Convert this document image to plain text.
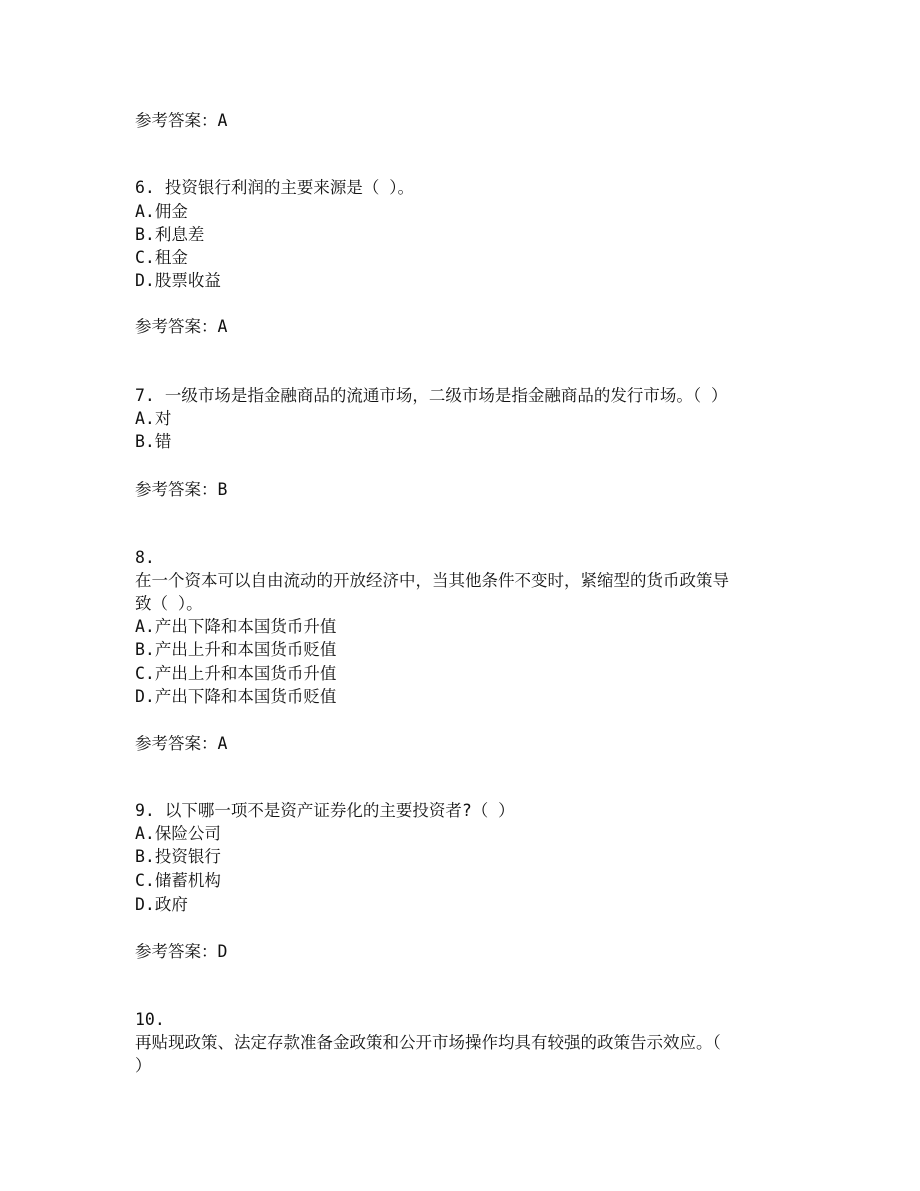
参考答案：A
6. 投资银行利润的主要来源是（ ）。
A.佣金
B.利息差
C.租金
D.股票收益
参考答案：A
7. 一级市场是指金融商品的流通市场，二级市场是指金融商品的发行市场。（ ）
A.对
B.错
参考答案：B
8.
在一个资本可以自由流动的开放经济中，当其他条件不变时，紧缩型的货币政策导
致（ ）。
A.产出下降和本国货币升值
B.产出上升和本国货币贬值
C.产出上升和本国货币升值
D.产出下降和本国货币贬值
参考答案：A
9. 以下哪一项不是资产证券化的主要投资者?（ ）
A.保险公司
B.投资银行
C.储蓄机构
D.政府
参考答案：D
10.
再贴现政策、法定存款准备金政策和公开市场操作均具有较强的政策告示效应。（
）
